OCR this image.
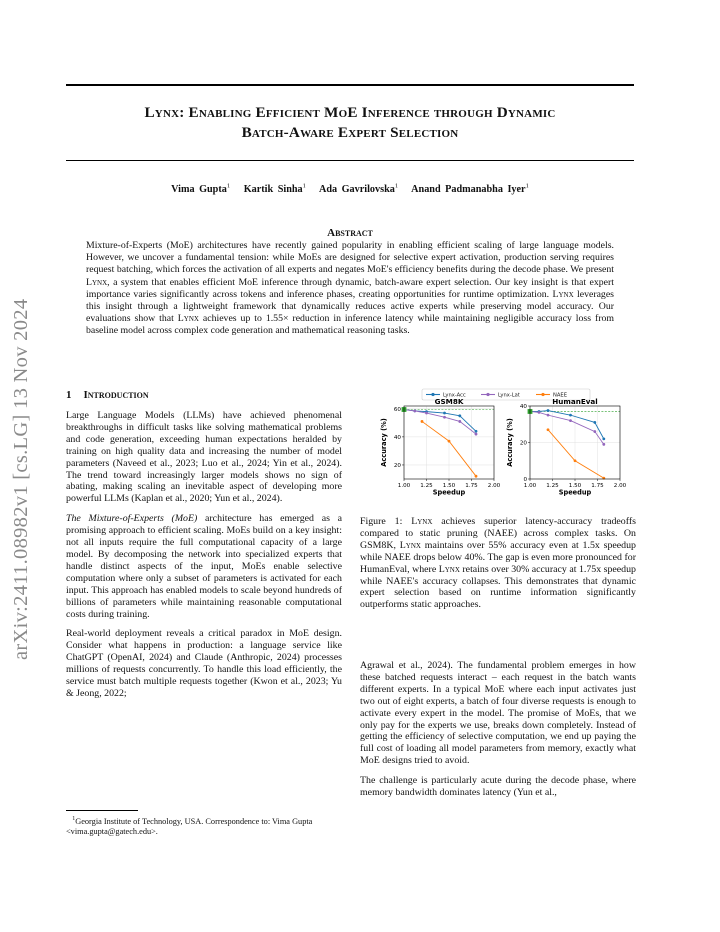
Lynx: Enabling Efficient MoE Inference through Dynamic
Batch-Aware Expert Selection
Vima Gupta$^1$ Kartik Sinha$^1$ Ada Gavrilovska$^1$ Anand Padmanabha Iyer$^1$
Abstract
Mixture-of-Experts (MoE) architectures have recently gained popularity in enabling efficient scaling of large language models. However, we uncover a fundamental tension: while MoEs are designed for selective expert activation, production serving requires request batching, which forces the activation of all experts and negates MoE's efficiency benefits during the decode phase. We present Lynx, a system that enables efficient MoE inference through dynamic, batch-aware expert selection. Our key insight is that expert importance varies significantly across tokens and inference phases, creating opportunities for runtime optimization. Lynx leverages this insight through a lightweight framework that dynamically reduces active experts while preserving model accuracy. Our evaluations show that Lynx achieves up to 1.55× reduction in inference latency while maintaining negligible accuracy loss from baseline model across complex code generation and mathematical reasoning tasks.
arXiv:2411.08982v1 [cs.LG] 13 Nov 2024	1 Introduction

Large Language Models (LLMs) have achieved phenomenal breakthroughs in difficult tasks like solving mathematical problems and code generation, exceeding human expectations heralded by training on high quality data and increasing the number of model parameters (Naveed et al., 2023; Luo et al., 2024; Yin et al., 2024). The trend toward increasingly larger models shows no sign of abating, making scaling an inevitable aspect of developing more powerful LLMs (Kaplan et al., 2020; Yun et al., 2024).

The Mixture-of-Experts (MoE) architecture has emerged as a promising approach to efficient scaling. MoEs build on a key insight: not all inputs require the full computational capacity of a large model. By decomposing the network into specialized experts that handle distinct aspects of the input, MoEs enable selective computation where only a subset of parameters is activated for each input. This approach has enabled models to scale beyond hundreds of billions of parameters while maintaining reasonable computational costs during training.

Real-world deployment reveals a critical paradox in MoE design. Consider what happens in production: a language service like ChatGPT (OpenAI, 2024) and Claude (Anthropic, 2024) processes millions of requests concurrently. To handle this load efficiently, the service must batch multiple requests together (Kwon et al., 2023; Yu & Jeong, 2022;

$^1$Georgia Institute of Technology, USA. Correspondence to: Vima Gupta <vima.gupta@gatech.edu>.
Lynx-Acc	Lynx-Lat	NAEE
GSM8K
1.00 1.25 1.50 1.75 2.00
20
40
60
Speedup
Accuracy (%)
HumanEval
1.00 1.25 1.50 1.75 2.00
0
20
40
Speedup
Accuracy (%)
Figure 1: Lynx achieves superior latency-accuracy tradeoffs compared to static pruning (NAEE) across complex tasks. On GSM8K, Lynx maintains over 55% accuracy even at 1.5x speedup while NAEE drops below 40%. The gap is even more pronounced for HumanEval, where Lynx retains over 30% accuracy at 1.75x speedup while NAEE's accuracy collapses. This demonstrates that dynamic expert selection based on runtime information significantly outperforms static approaches.

Agrawal et al., 2024). The fundamental problem emerges in how these batched requests interact – each request in the batch wants different experts. In a typical MoE where each input activates just two out of eight experts, a batch of four diverse requests is enough to activate every expert in the model. The promise of MoEs, that we only pay for the experts we use, breaks down completely. Instead of getting the efficiency of selective computation, we end up paying the full cost of loading all model parameters from memory, exactly what MoE designs tried to avoid.

The challenge is particularly acute during the decode phase, where memory bandwidth dominates latency (Yun et al.,
